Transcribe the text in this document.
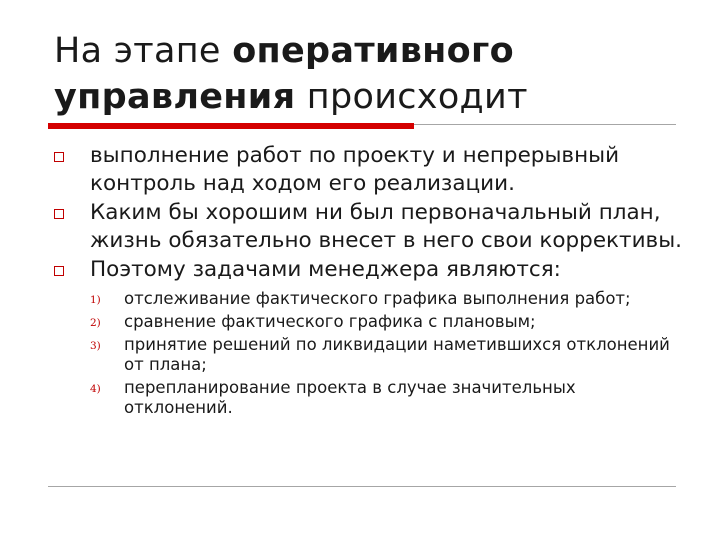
На этапе оперативного управления происходит
выполнение работ по проекту и непрерывный контроль над ходом его реализации.
Каким бы хорошим ни был первоначальный план, жизнь обязательно внесет в него свои коррективы.
Поэтому задачами менеджера являются:
1) отслеживание фактического графика выполнения работ;
2) сравнение фактического графика с плановым;
3) принятие решений по ликвидации наметившихся отклонений от плана;
4) перепланирование проекта в случае значительных отклонений.
